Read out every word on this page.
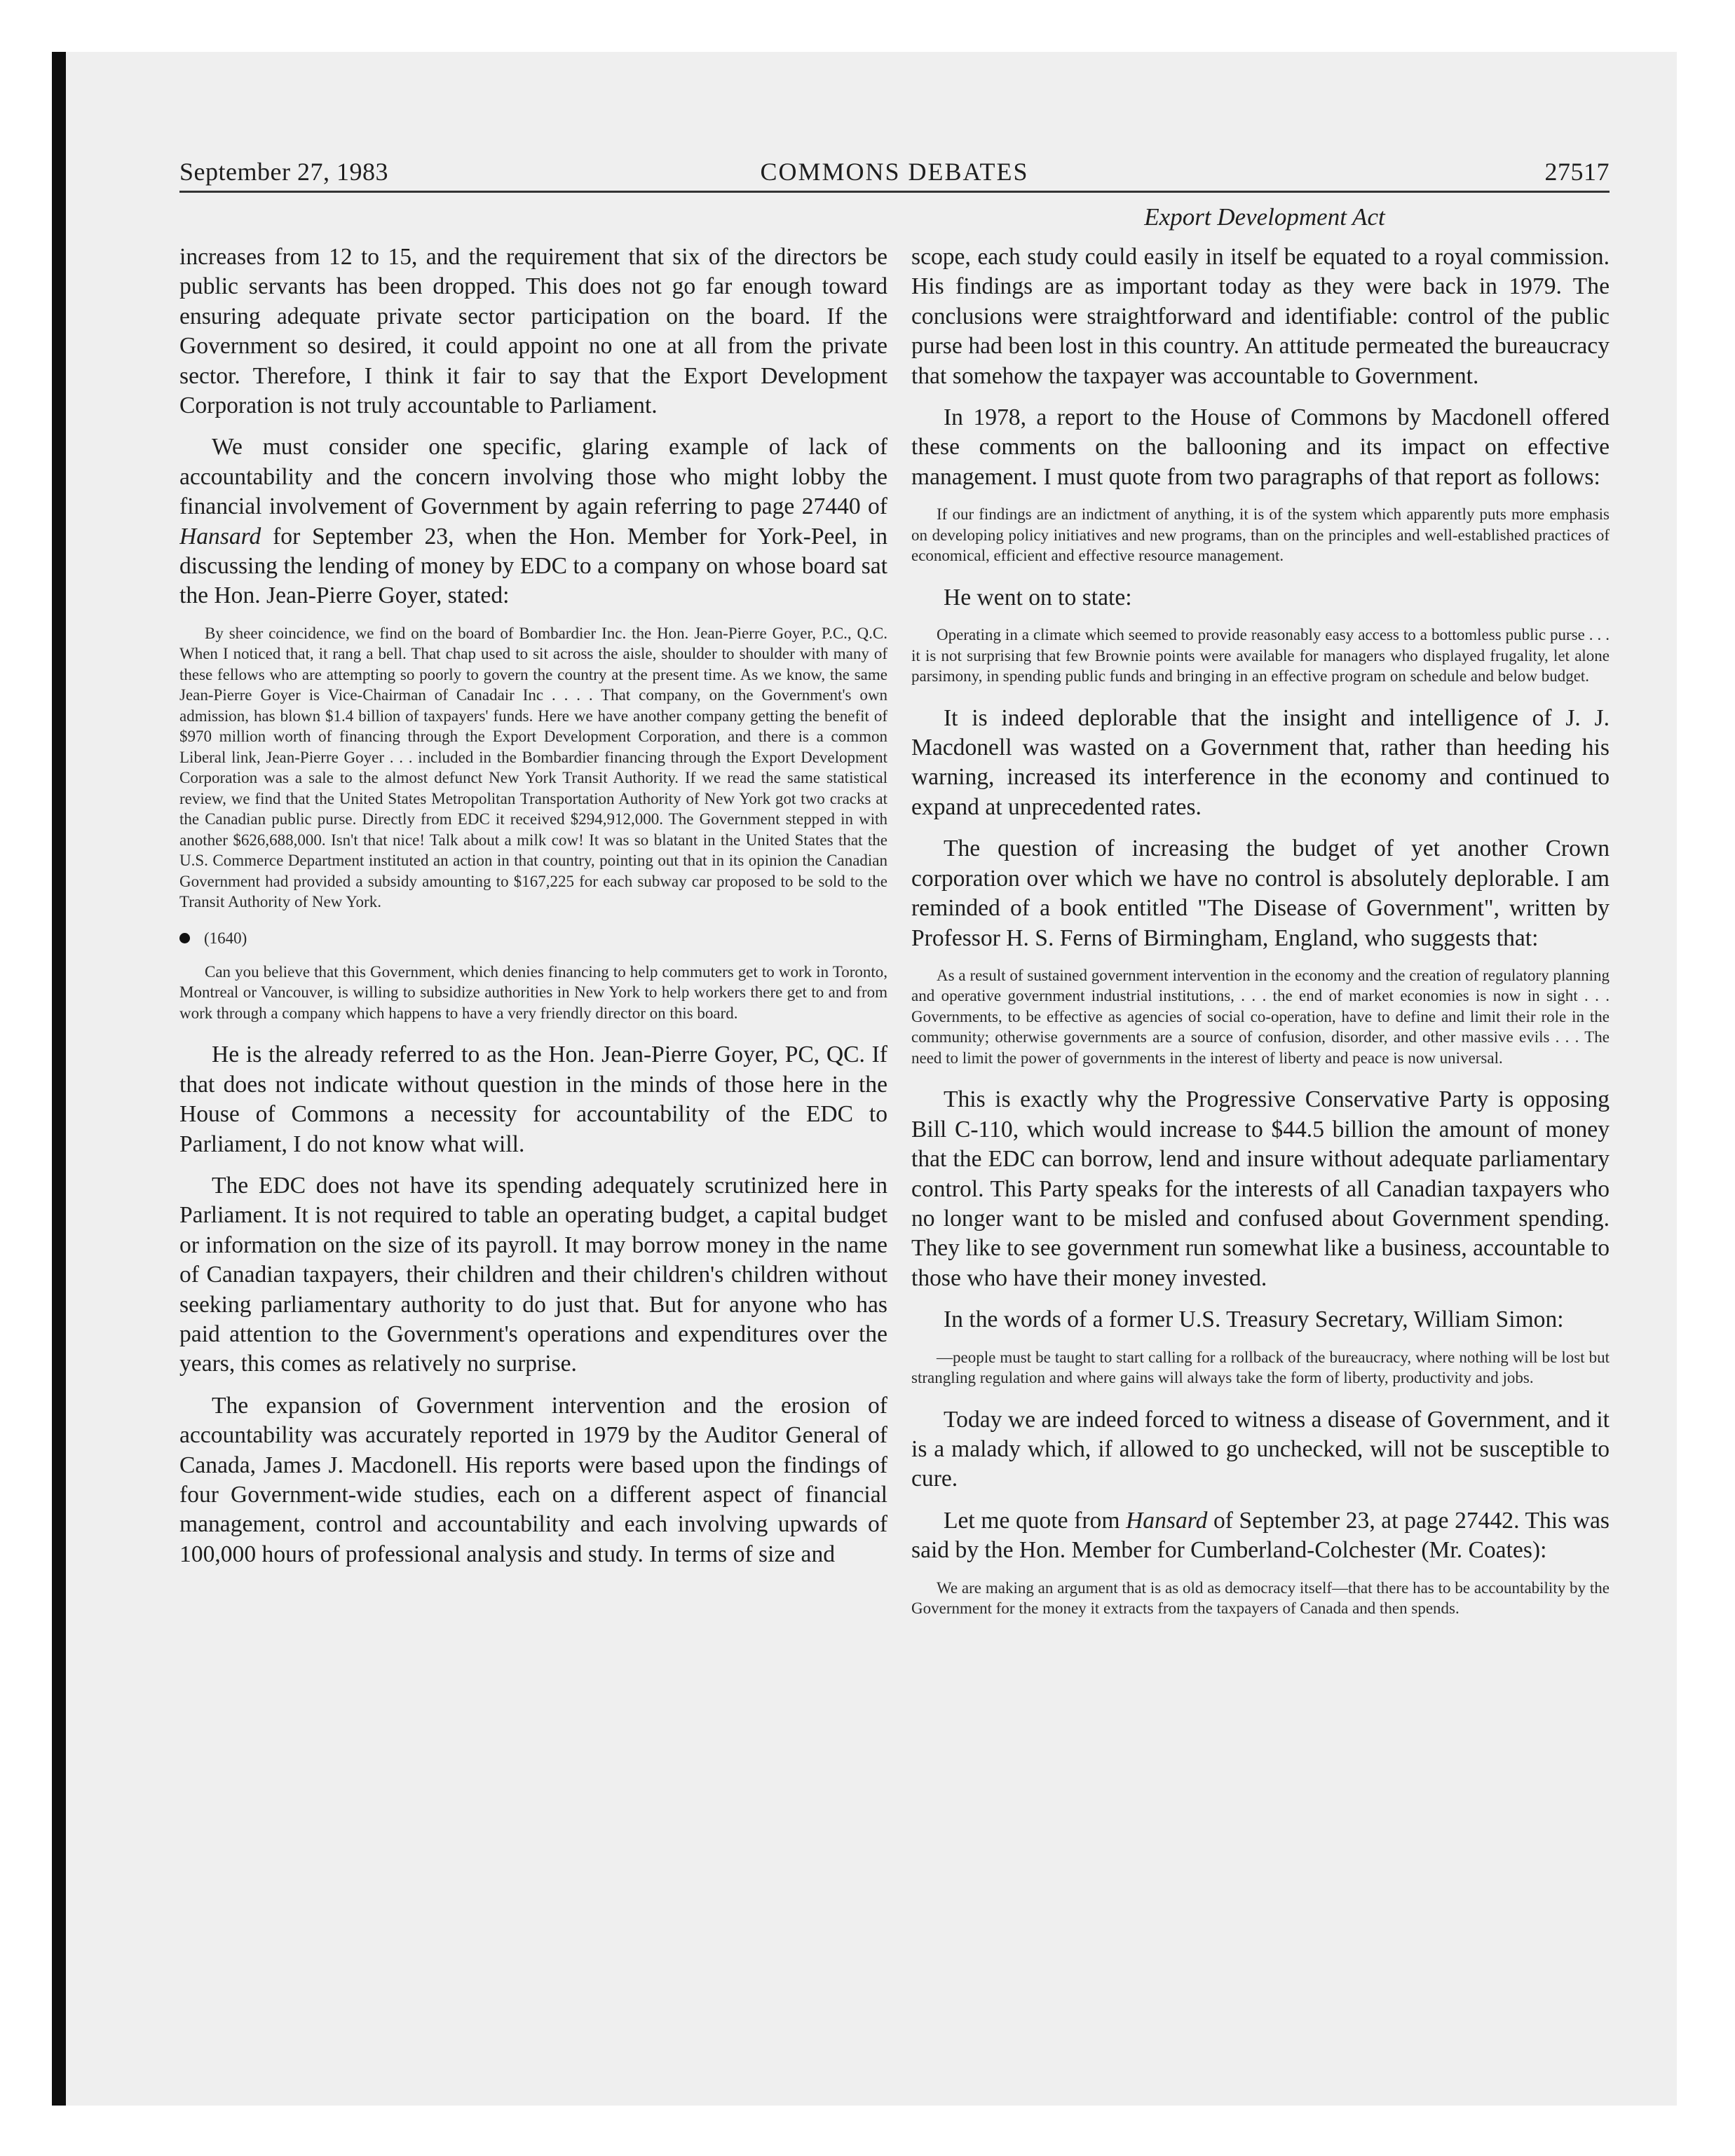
September 27, 1983	COMMONS DEBATES	27517
Export Development Act

increases from 12 to 15, and the requirement that six of the directors be public servants has been dropped. This does not go far enough toward ensuring adequate private sector participation on the board. If the Government so desired, it could appoint no one at all from the private sector. Therefore, I think it fair to say that the Export Development Corporation is not truly accountable to Parliament.

We must consider one specific, glaring example of lack of accountability and the concern involving those who might lobby the financial involvement of Government by again referring to page 27440 of Hansard for September 23, when the Hon. Member for York-Peel, in discussing the lending of money by EDC to a company on whose board sat the Hon. Jean-Pierre Goyer, stated:

By sheer coincidence, we find on the board of Bombardier Inc. the Hon. Jean-Pierre Goyer, P.C., Q.C. When I noticed that, it rang a bell. That chap used to sit across the aisle, shoulder to shoulder with many of these fellows who are attempting so poorly to govern the country at the present time. As we know, the same Jean-Pierre Goyer is Vice-Chairman of Canadair Inc . . . . That company, on the Government's own admission, has blown $1.4 billion of taxpayers' funds. Here we have another company getting the benefit of $970 million worth of financing through the Export Development Corporation, and there is a common Liberal link, Jean-Pierre Goyer . . . included in the Bombardier financing through the Export Development Corporation was a sale to the almost defunct New York Transit Authority. If we read the same statistical review, we find that the United States Metropolitan Transportation Authority of New York got two cracks at the Canadian public purse. Directly from EDC it received $294,912,000. The Government stepped in with another $626,688,000. Isn't that nice! Talk about a milk cow! It was so blatant in the United States that the U.S. Commerce Department instituted an action in that country, pointing out that in its opinion the Canadian Government had provided a subsidy amounting to $167,225 for each subway car proposed to be sold to the Transit Authority of New York.

(1640)

Can you believe that this Government, which denies financing to help commuters get to work in Toronto, Montreal or Vancouver, is willing to subsidize authorities in New York to help workers there get to and from work through a company which happens to have a very friendly director on this board.

He is the already referred to as the Hon. Jean-Pierre Goyer, PC, QC. If that does not indicate without question in the minds of those here in the House of Commons a necessity for accountability of the EDC to Parliament, I do not know what will.

The EDC does not have its spending adequately scrutinized here in Parliament. It is not required to table an operating budget, a capital budget or information on the size of its payroll. It may borrow money in the name of Canadian taxpayers, their children and their children's children without seeking parliamentary authority to do just that. But for anyone who has paid attention to the Government's operations and expenditures over the years, this comes as relatively no surprise.

The expansion of Government intervention and the erosion of accountability was accurately reported in 1979 by the Auditor General of Canada, James J. Macdonell. His reports were based upon the findings of four Government-wide studies, each on a different aspect of financial management, control and accountability and each involving upwards of 100,000 hours of professional analysis and study. In terms of size and

scope, each study could easily in itself be equated to a royal commission. His findings are as important today as they were back in 1979. The conclusions were straightforward and identifiable: control of the public purse had been lost in this country. An attitude permeated the bureaucracy that somehow the taxpayer was accountable to Government.

In 1978, a report to the House of Commons by Macdonell offered these comments on the ballooning and its impact on effective management. I must quote from two paragraphs of that report as follows:

If our findings are an indictment of anything, it is of the system which apparently puts more emphasis on developing policy initiatives and new programs, than on the principles and well-established practices of economical, efficient and effective resource management.

He went on to state:

Operating in a climate which seemed to provide reasonably easy access to a bottomless public purse . . . it is not surprising that few Brownie points were available for managers who displayed frugality, let alone parsimony, in spending public funds and bringing in an effective program on schedule and below budget.

It is indeed deplorable that the insight and intelligence of J. J. Macdonell was wasted on a Government that, rather than heeding his warning, increased its interference in the economy and continued to expand at unprecedented rates.

The question of increasing the budget of yet another Crown corporation over which we have no control is absolutely deplorable. I am reminded of a book entitled "The Disease of Government", written by Professor H. S. Ferns of Birmingham, England, who suggests that:

As a result of sustained government intervention in the economy and the creation of regulatory planning and operative government industrial institutions, . . . the end of market economies is now in sight . . . Governments, to be effective as agencies of social co-operation, have to define and limit their role in the community; otherwise governments are a source of confusion, disorder, and other massive evils . . . The need to limit the power of governments in the interest of liberty and peace is now universal.

This is exactly why the Progressive Conservative Party is opposing Bill C-110, which would increase to $44.5 billion the amount of money that the EDC can borrow, lend and insure without adequate parliamentary control. This Party speaks for the interests of all Canadian taxpayers who no longer want to be misled and confused about Government spending. They like to see government run somewhat like a business, accountable to those who have their money invested.

In the words of a former U.S. Treasury Secretary, William Simon:

—people must be taught to start calling for a rollback of the bureaucracy, where nothing will be lost but strangling regulation and where gains will always take the form of liberty, productivity and jobs.

Today we are indeed forced to witness a disease of Government, and it is a malady which, if allowed to go unchecked, will not be susceptible to cure.

Let me quote from Hansard of September 23, at page 27442. This was said by the Hon. Member for Cumberland-Colchester (Mr. Coates):

We are making an argument that is as old as democracy itself—that there has to be accountability by the Government for the money it extracts from the taxpayers of Canada and then spends.
